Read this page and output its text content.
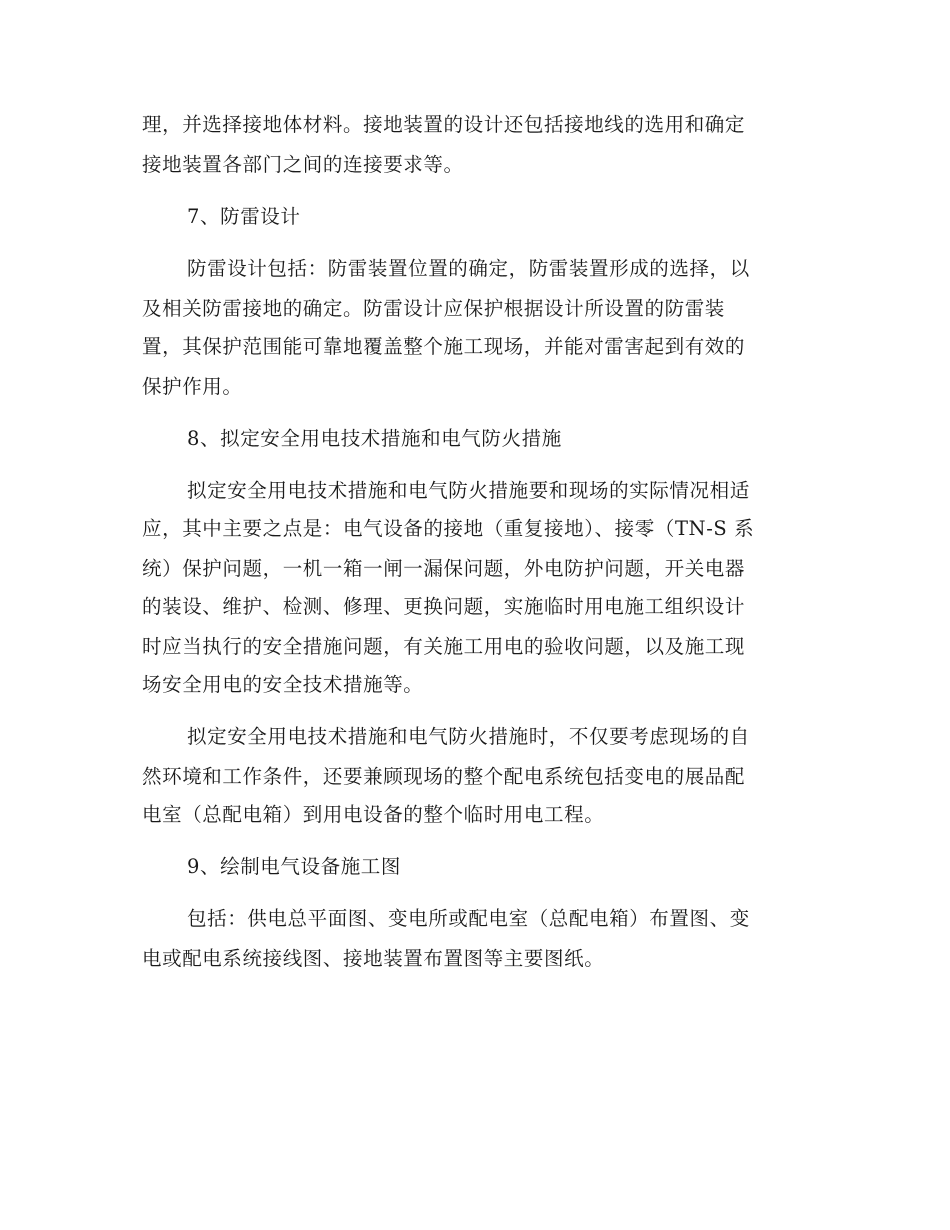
理，并选择接地体材料。接地装置的设计还包括接地线的选用和确定
接地装置各部门之间的连接要求等。
7、防雷设计
防雷设计包括：防雷装置位置的确定，防雷装置形成的选择，以
及相关防雷接地的确定。防雷设计应保护根据设计所设置的防雷装
置，其保护范围能可靠地覆盖整个施工现场，并能对雷害起到有效的
保护作用。
8、拟定安全用电技术措施和电气防火措施
拟定安全用电技术措施和电气防火措施要和现场的实际情况相适
应，其中主要之点是：电气设备的接地（重复接地）、接零（TN-S 系
统）保护问题，一机一箱一闸一漏保问题，外电防护问题，开关电器
的装设、维护、检测、修理、更换问题，实施临时用电施工组织设计
时应当执行的安全措施问题，有关施工用电的验收问题，以及施工现
场安全用电的安全技术措施等。
拟定安全用电技术措施和电气防火措施时，不仅要考虑现场的自
然环境和工作条件，还要兼顾现场的整个配电系统包括变电的展品配
电室（总配电箱）到用电设备的整个临时用电工程。
9、绘制电气设备施工图
包括：供电总平面图、变电所或配电室（总配电箱）布置图、变
电或配电系统接线图、接地装置布置图等主要图纸。
